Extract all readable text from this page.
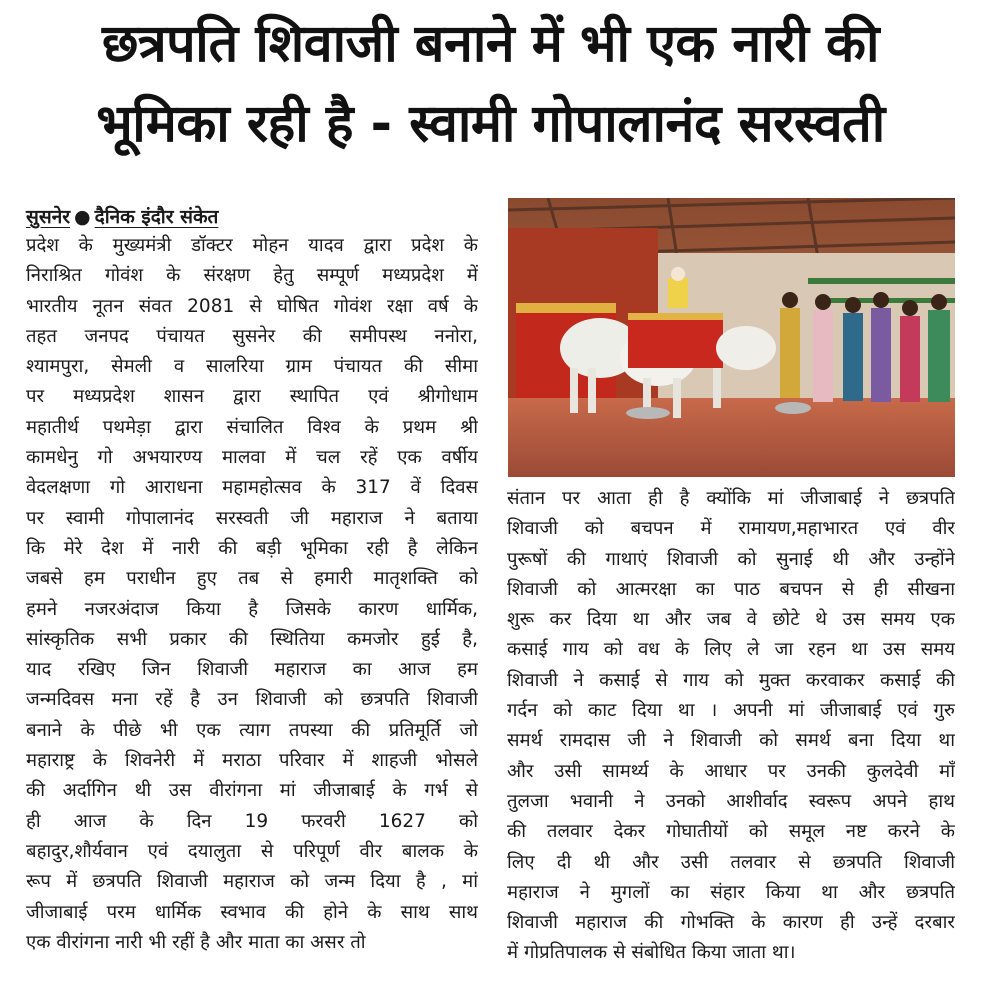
छत्रपति शिवाजी बनाने में भी एक नारी की
भूमिका रही है - स्वामी गोपालानंद सरस्वती
सुसनेर ● दैनिक इंदौर संकेत
प्रदेश के मुख्यमंत्री डॉक्टर मोहन यादव द्वारा प्रदेश के
निराश्रित गोवंश के संरक्षण हेतु सम्पूर्ण मध्यप्रदेश में
भारतीय नूतन संवत 2081 से घोषित गोवंश रक्षा वर्ष के
तहत जनपद पंचायत सुसनेर की समीपस्थ ननोरा,
श्यामपुरा, सेमली व सालरिया ग्राम पंचायत की सीमा
पर मध्यप्रदेश शासन द्वारा स्थापित एवं श्रीगोधाम
महातीर्थ पथमेड़ा द्वारा संचालित विश्व के प्रथम श्री
कामधेनु गो अभयारण्य मालवा में चल रहें एक वर्षीय
वेदलक्षणा गो आराधना महामहोत्सव के 317 वें दिवस
पर स्वामी गोपालानंद सरस्वती जी महाराज ने बताया
कि मेरे देश में नारी की बड़ी भूमिका रही है लेकिन
जबसे हम पराधीन हुए तब से हमारी मातृशक्ति को
हमने नजरअंदाज किया है जिसके कारण धार्मिक,
सांस्कृतिक सभी प्रकार की स्थितिया कमजोर हुई है,
याद रखिए जिन शिवाजी महाराज का आज हम
जन्मदिवस मना रहें है उन शिवाजी को छत्रपति शिवाजी
बनाने के पीछे भी एक त्याग तपस्या की प्रतिमूर्ति जो
महाराष्ट्र के शिवनेरी में मराठा परिवार में शाहजी भोसले
की अर्दागिन थी उस वीरांगना मां जीजाबाई के गर्भ से
ही आज के दिन 19 फरवरी 1627 को
बहादुर,शौर्यवान एवं दयालुता से परिपूर्ण वीर बालक के
रूप में छत्रपति शिवाजी महाराज को जन्म दिया है , मां
जीजाबाई परम धार्मिक स्वभाव की होने के साथ साथ
एक वीरांगना नारी भी रहीं है और माता का असर तो
संतान पर आता ही है क्योंकि मां जीजाबाई ने छत्रपति
शिवाजी को बचपन में रामायण,महाभारत एवं वीर
पुरूषों की गाथाएं शिवाजी को सुनाई थी और उन्होंने
शिवाजी को आत्मरक्षा का पाठ बचपन से ही सीखना
शुरू कर दिया था और जब वे छोटे थे उस समय एक
कसाई गाय को वध के लिए ले जा रहन था उस समय
शिवाजी ने कसाई से गाय को मुक्त करवाकर कसाई की
गर्दन को काट दिया था । अपनी मां जीजाबाई एवं गुरु
समर्थ रामदास जी ने शिवाजी को समर्थ बना दिया था
और उसी सामर्थ्य के आधार पर उनकी कुलदेवी माँ
तुलजा भवानी ने उनको आशीर्वाद स्वरूप अपने हाथ
की तलवार देकर गोघातीयों को समूल नष्ट करने के
लिए दी थी और उसी तलवार से छत्रपति शिवाजी
महाराज ने मुगलों का संहार किया था और छत्रपति
शिवाजी महाराज की गोभक्ति के कारण ही उन्हें दरबार
में गोप्रतिपालक से संबोधित किया जाता था।
